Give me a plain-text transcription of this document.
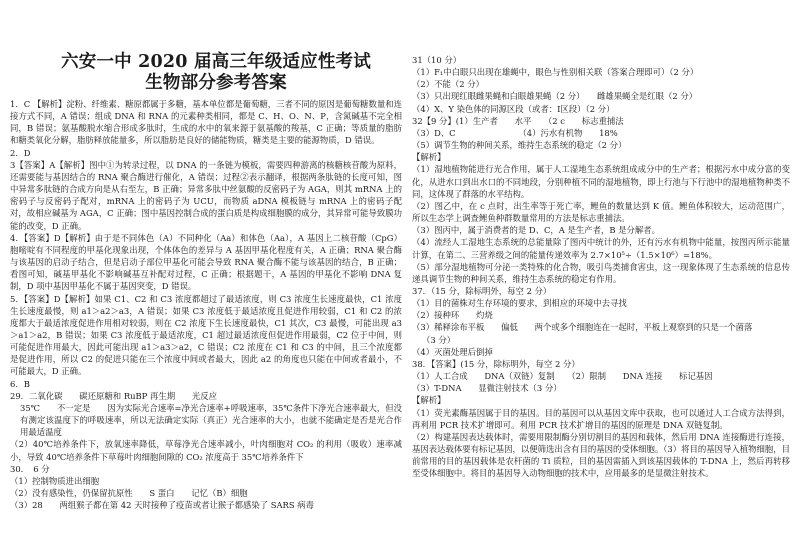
六安一中 2020 届高三年级适应性考试

生物部分参考答案

1．C 【解析】淀粉、纤维素、糖原都属于多糖，基本单位都是葡萄糖，三者不同的原因是葡萄糖数量和连接方式不同，A 错误；组成 DNA 和 RNA 的元素种类相同，都是 C、H、O、N、P，含氮碱基不完全相同，B 错误；氨基酸脱水缩合形成多肽时，生成的水中的氧来源于氨基酸的羧基，C 正确；等质量的脂肪和糖类氧化分解，脂肪释放能量多，所以脂肪是良好的储能物质，糖类是主要的能源物质，D 错误。

2．D

3【答案】A【解析】图中①为转录过程，以 DNA 的一条链为模板，需要四种游离的核糖核苷酸为原料，还需要能与基因结合的 RNA 聚合酶进行催化，A 错误；过程②表示翻译，根据两条肽链的长度可知，图中异常多肽链的合成方向是从右至左，B 正确；异常多肽中丝氨酸的反密码子为 AGA，则其 mRNA 上的密码子与反密码子配对，mRNA 上的密码子为 UCU，而物质 aDNA 模板链与 mRNA 上的密码子配对，故相应碱基为 AGA，C 正确；图中基因控制合成的蛋白质是构成细胞膜的成分，其异常可能导致膜功能的改变，D 正确。

4．【答案】D【解析】由于是不同体色（A）不同种化（Aa）和体色（Aa），A 基因上二核苷酸（CpG）胞嘧啶有不同程度的甲基化现象出现，个体体色的差异与 A 基因甲基化程度有关，A 正确；RNA 聚合酶与该基因的启动子结合，但是启动子部位甲基化可能会导致 RNA 聚合酶不能与该基因的结合，B 正确；看图可知，碱基甲基化不影响碱基互补配对过程，C 正确；根据题干，A 基因的甲基化不影响 DNA 复制，D 项中基因甲基化不属于基因突变，D 错误。

5．【答案】D【解析】如果 C1、C2 和 C3 浓度都超过了最适浓度，则 C3 浓度生长速度最快，C1 浓度生长速度最慢，则 a1＞a2＞a3，A 错误；如果 C3 浓度低于最适浓度且促进作用较弱，C1 和 C2 的浓度都大于最适浓度促进作用相对较弱，则在 C2 浓度下生长速度最快，C1 其次，C3 最慢，可能出现 a3＞a1＞a2，B 错误；如果 C3 浓度低于最适浓度，C1 超过最适浓度但促进作用最弱，C2 位于中间，则可能促进作用最大，因此可能出现 a1＞a3＞a2，C 错误；C2 浓度在 C1 和 C3 的中间，且三个浓度都是促进作用，所以 C2 的促进只能在三个浓度中间或者最大，因此 a2 的角度也只能在中间或者最小，不可能最大，D 正确。

6．B

29．二氧化碳　　碳还原糖和 RuBP 再生期　　光反应

35℃　　不一定是　　因为实际光合速率=净光合速率+呼吸速率，35℃条件下净光合速率最大，但没有测定该温度下的呼吸速率，所以无法确定实际（真正）光合速率的大小，也就不能确定是否是光合作用最适温度

（2）40℃培养条件下，放氧速率降低，草莓净光合速率减小，叶肉细胞对 CO₂ 的利用（吸收）速率减小，导致 40℃培养条件下草莓叶肉细胞间隙的 CO₂ 浓度高于 35℃培养条件下

30．　6 分

（1）控制物质进出细胞

（2）没有感染性，仍保留抗原性　　S 蛋白　　记忆（B）细胞

（3）28　　两组猴子都在第 42 天时接种了疫苗或者让猴子都感染了 SARS 病毒

31（10 分）

（1）F₁中白眼只出现在雄蝇中，眼色与性别相关联（答案合理即可）（2 分）

（2）不能（2 分）

（3）只出现红眼雌果蝇和白眼雄果蝇（2 分）　　雌雄果蝇全是红眼（2 分）

（4）X、Y 染色体的同源区段（或者：Ⅰ区段）（2 分）

32【9 分】(1）生产者　　水平　　（2 c　　标志重捕法

（3）D、C　　　　　　　　（4）污水有机物　　18%

（5）调节生物的种间关系，维持生态系统的稳定（2 分）

【解析】

（1）湿地植物能进行光合作用，属于人工湿地生态系统组成成分中的生产者；根据污水中成分富的变化，从进水口到出水口的不同地段，分别种植不同的湿地植物，即上行池与下行池中的湿地植物种类不同，这体现了群落的水平结构。

（2）图乙中，在 c 点时，出生率等于死亡率，鲤鱼的数量达到 K 值。鲤鱼体积较大，运动范围广，所以生态学上调查鲤鱼种群数量常用的方法是标志重捕法。

（3）图丙中，属于消费者的是 D、C，A 是生产者，B 是分解者。

（4）流经人工湿地生态系统的总能量除了图丙中统计的外，还有污水有机物中能量，按图丙所示能量计算，在第二、三营养级之间的能量传递效率为 2.7×10⁵÷（1.5×10⁶）=18%。

（5）部分湿地植物可分泌一类特殊的化合物，吸引鸟类捕食害虫，这一现象体现了生态系统的信息传递具调节生物的种间关系，维持生态系统的稳定有作用。

37．（15 分，除标明外，每空 2 分）

（1）目的菌株对生存环境的要求，到相应的环境中去寻找

（2）接种环　　灼烧

（3）稀释涂布平板　　偏低　　两个或多个细胞连在一起时，平板上观察到的只是一个菌落

（3 分）

（4）灭菌处理后倒掉

38．【答案】(15 分，除标明外，每空 2 分）

（1）人工合成　　DNA（双链）复制　　（2）限制　　DNA 连接　　标记基因

（3）T-DNA　　显微注射技术（3 分）

【解析】

（1）荧光素酶基因属于目的基因。目的基因可以从基因文库中获取，也可以通过人工合成方法得到，再利用 PCR 技术扩增即可。利用 PCR 技术扩增目的基因的原理是 DNA 双链复制。

（2）构建基因表达载体时，需要用限制酶分别切割目的基因和载体，然后用 DNA 连接酶进行连接，基因表达载体要有标记基因，以便筛选出含有目的基因的受体细胞。（3）将目的基因导入植物细胞，目前常用的目的基因载体是农杆菌的 Ti 质粒，目的基因需插入到该基因载体的 T-DNA 上，然后再转移至受体细胞中。将目的基因导入动物细胞的技术中，应用最多的是显微注射技术。
